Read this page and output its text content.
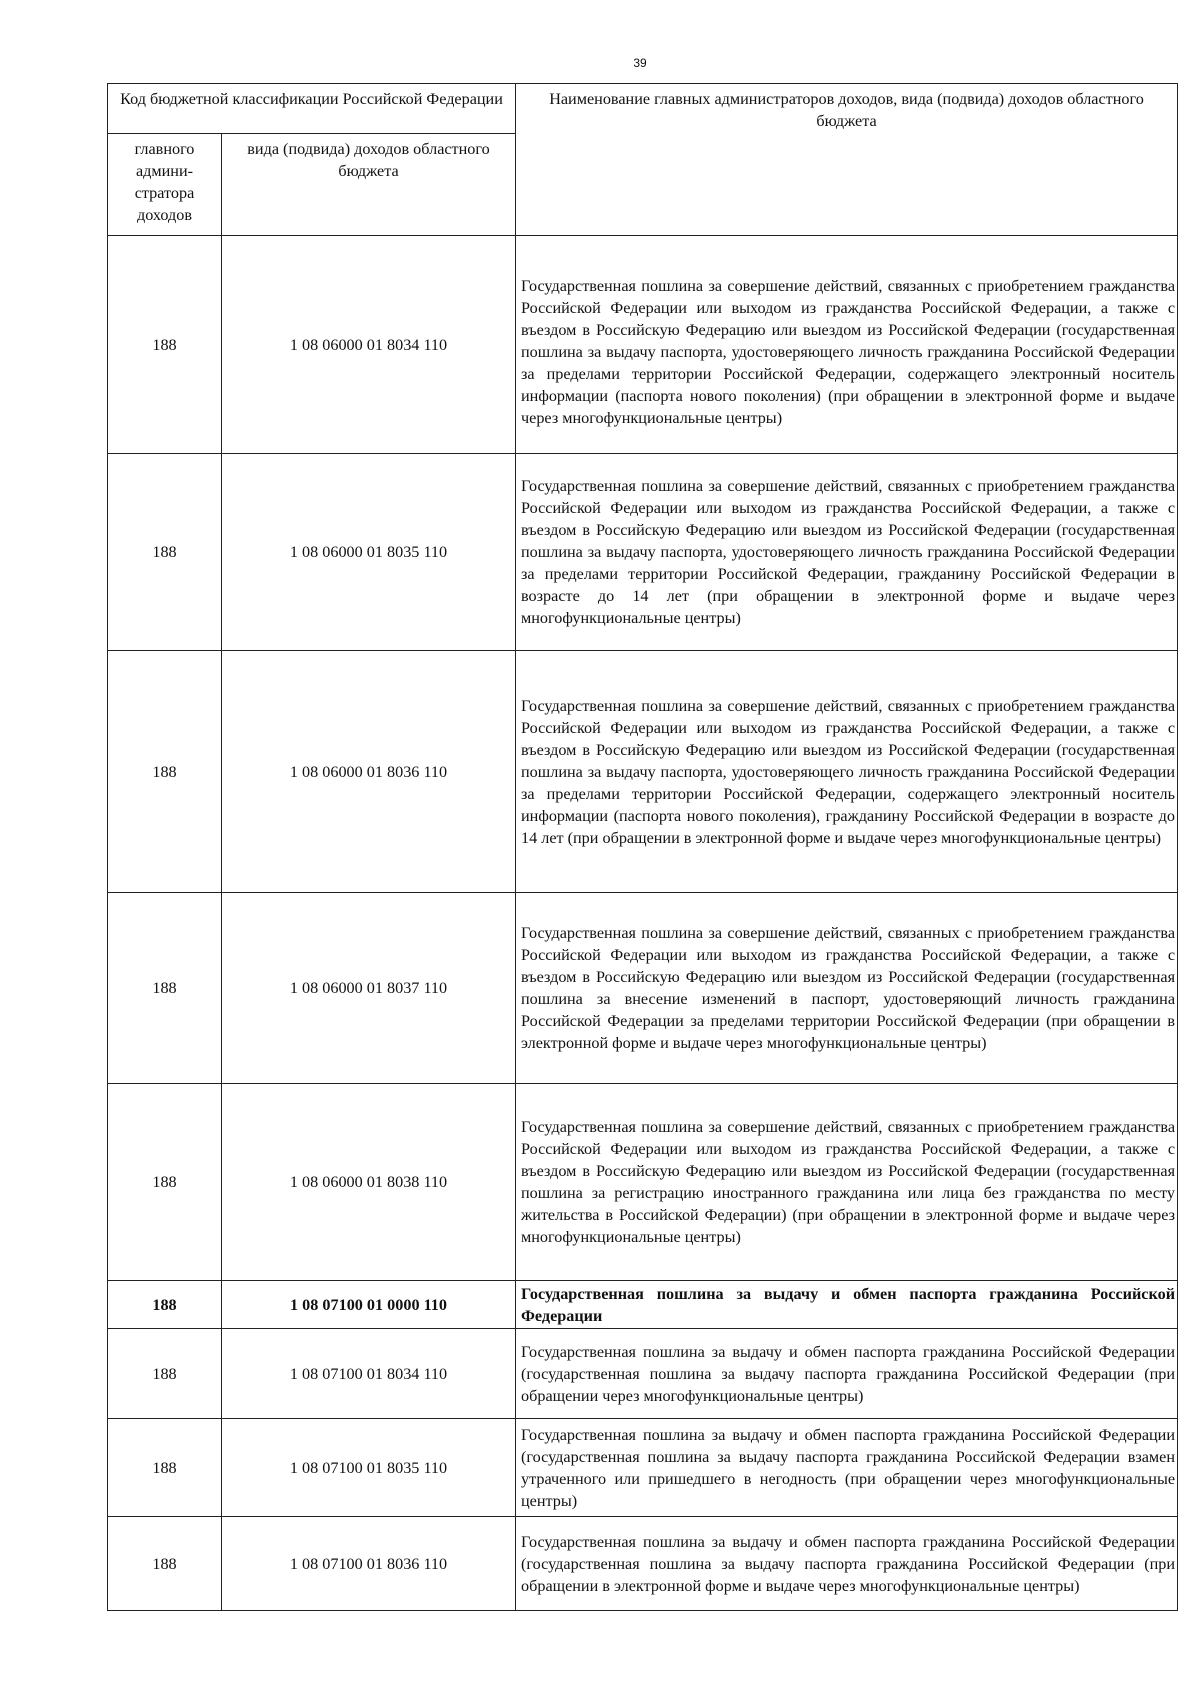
39
Код бюджетной классификации Российской Федерации		Наименование главных администраторов доходов, вида (подвида) доходов областного бюджета
главного админи-стратора доходов	вида (подвида) доходов областного бюджета	
188	1 08 06000 01 8034 110	Государственная пошлина за совершение действий, связанных с приобретением гражданства Российской Федерации или выходом из гражданства Российской Федерации, а также с въездом в Российскую Федерацию или выездом из Российской Федерации (государственная пошлина за выдачу паспорта, удостоверяющего личность гражданина Российской Федерации за пределами территории Российской Федерации, содержащего электронный носитель информации (паспорта нового поколения) (при обращении в электронной форме и выдаче через многофункциональные центры)
188	1 08 06000 01 8035 110	Государственная пошлина за совершение действий, связанных с приобретением гражданства Российской Федерации или выходом из гражданства Российской Федерации, а также с въездом в Российскую Федерацию или выездом из Российской Федерации (государственная пошлина за выдачу паспорта, удостоверяющего личность гражданина Российской Федерации за пределами территории Российской Федерации, гражданину Российской Федерации в возрасте до 14 лет (при обращении в электронной форме и выдаче через многофункциональные центры)
188	1 08 06000 01 8036 110	Государственная пошлина за совершение действий, связанных с приобретением гражданства Российской Федерации или выходом из гражданства Российской Федерации, а также с въездом в Российскую Федерацию или выездом из Российской Федерации (государственная пошлина за выдачу паспорта, удостоверяющего личность гражданина Российской Федерации за пределами территории Российской Федерации, содержащего электронный носитель информации (паспорта нового поколения), гражданину Российской Федерации в возрасте до 14 лет (при обращении в электронной форме и выдаче через многофункциональные центры)
188	1 08 06000 01 8037 110	Государственная пошлина за совершение действий, связанных с приобретением гражданства Российской Федерации или выходом из гражданства Российской Федерации, а также с въездом в Российскую Федерацию или выездом из Российской Федерации (государственная пошлина за внесение изменений в паспорт, удостоверяющий личность гражданина Российской Федерации за пределами территории Российской Федерации (при обращении в электронной форме и выдаче через многофункциональные центры)
188	1 08 06000 01 8038 110	Государственная пошлина за совершение действий, связанных с приобретением гражданства Российской Федерации или выходом из гражданства Российской Федерации, а также с въездом в Российскую Федерацию или выездом из Российской Федерации (государственная пошлина за регистрацию иностранного гражданина или лица без гражданства по месту жительства в Российской Федерации) (при обращении в электронной форме и выдаче через многофункциональные центры)
188	1 08 07100 01 0000 110	Государственная пошлина за выдачу и обмен паспорта гражданина Российской Федерации
188	1 08 07100 01 8034 110	Государственная пошлина за выдачу и обмен паспорта гражданина Российской Федерации (государственная пошлина за выдачу паспорта гражданина Российской Федерации (при обращении через многофункциональные центры)
188	1 08 07100 01 8035 110	Государственная пошлина за выдачу и обмен паспорта гражданина Российской Федерации (государственная пошлина за выдачу паспорта гражданина Российской Федерации взамен утраченного или пришедшего в негодность (при обращении через многофункциональные центры)
188	1 08 07100 01 8036 110	Государственная пошлина за выдачу и обмен паспорта гражданина Российской Федерации (государственная пошлина за выдачу паспорта гражданина Российской Федерации (при обращении в электронной форме и выдаче через многофункциональные центры)
